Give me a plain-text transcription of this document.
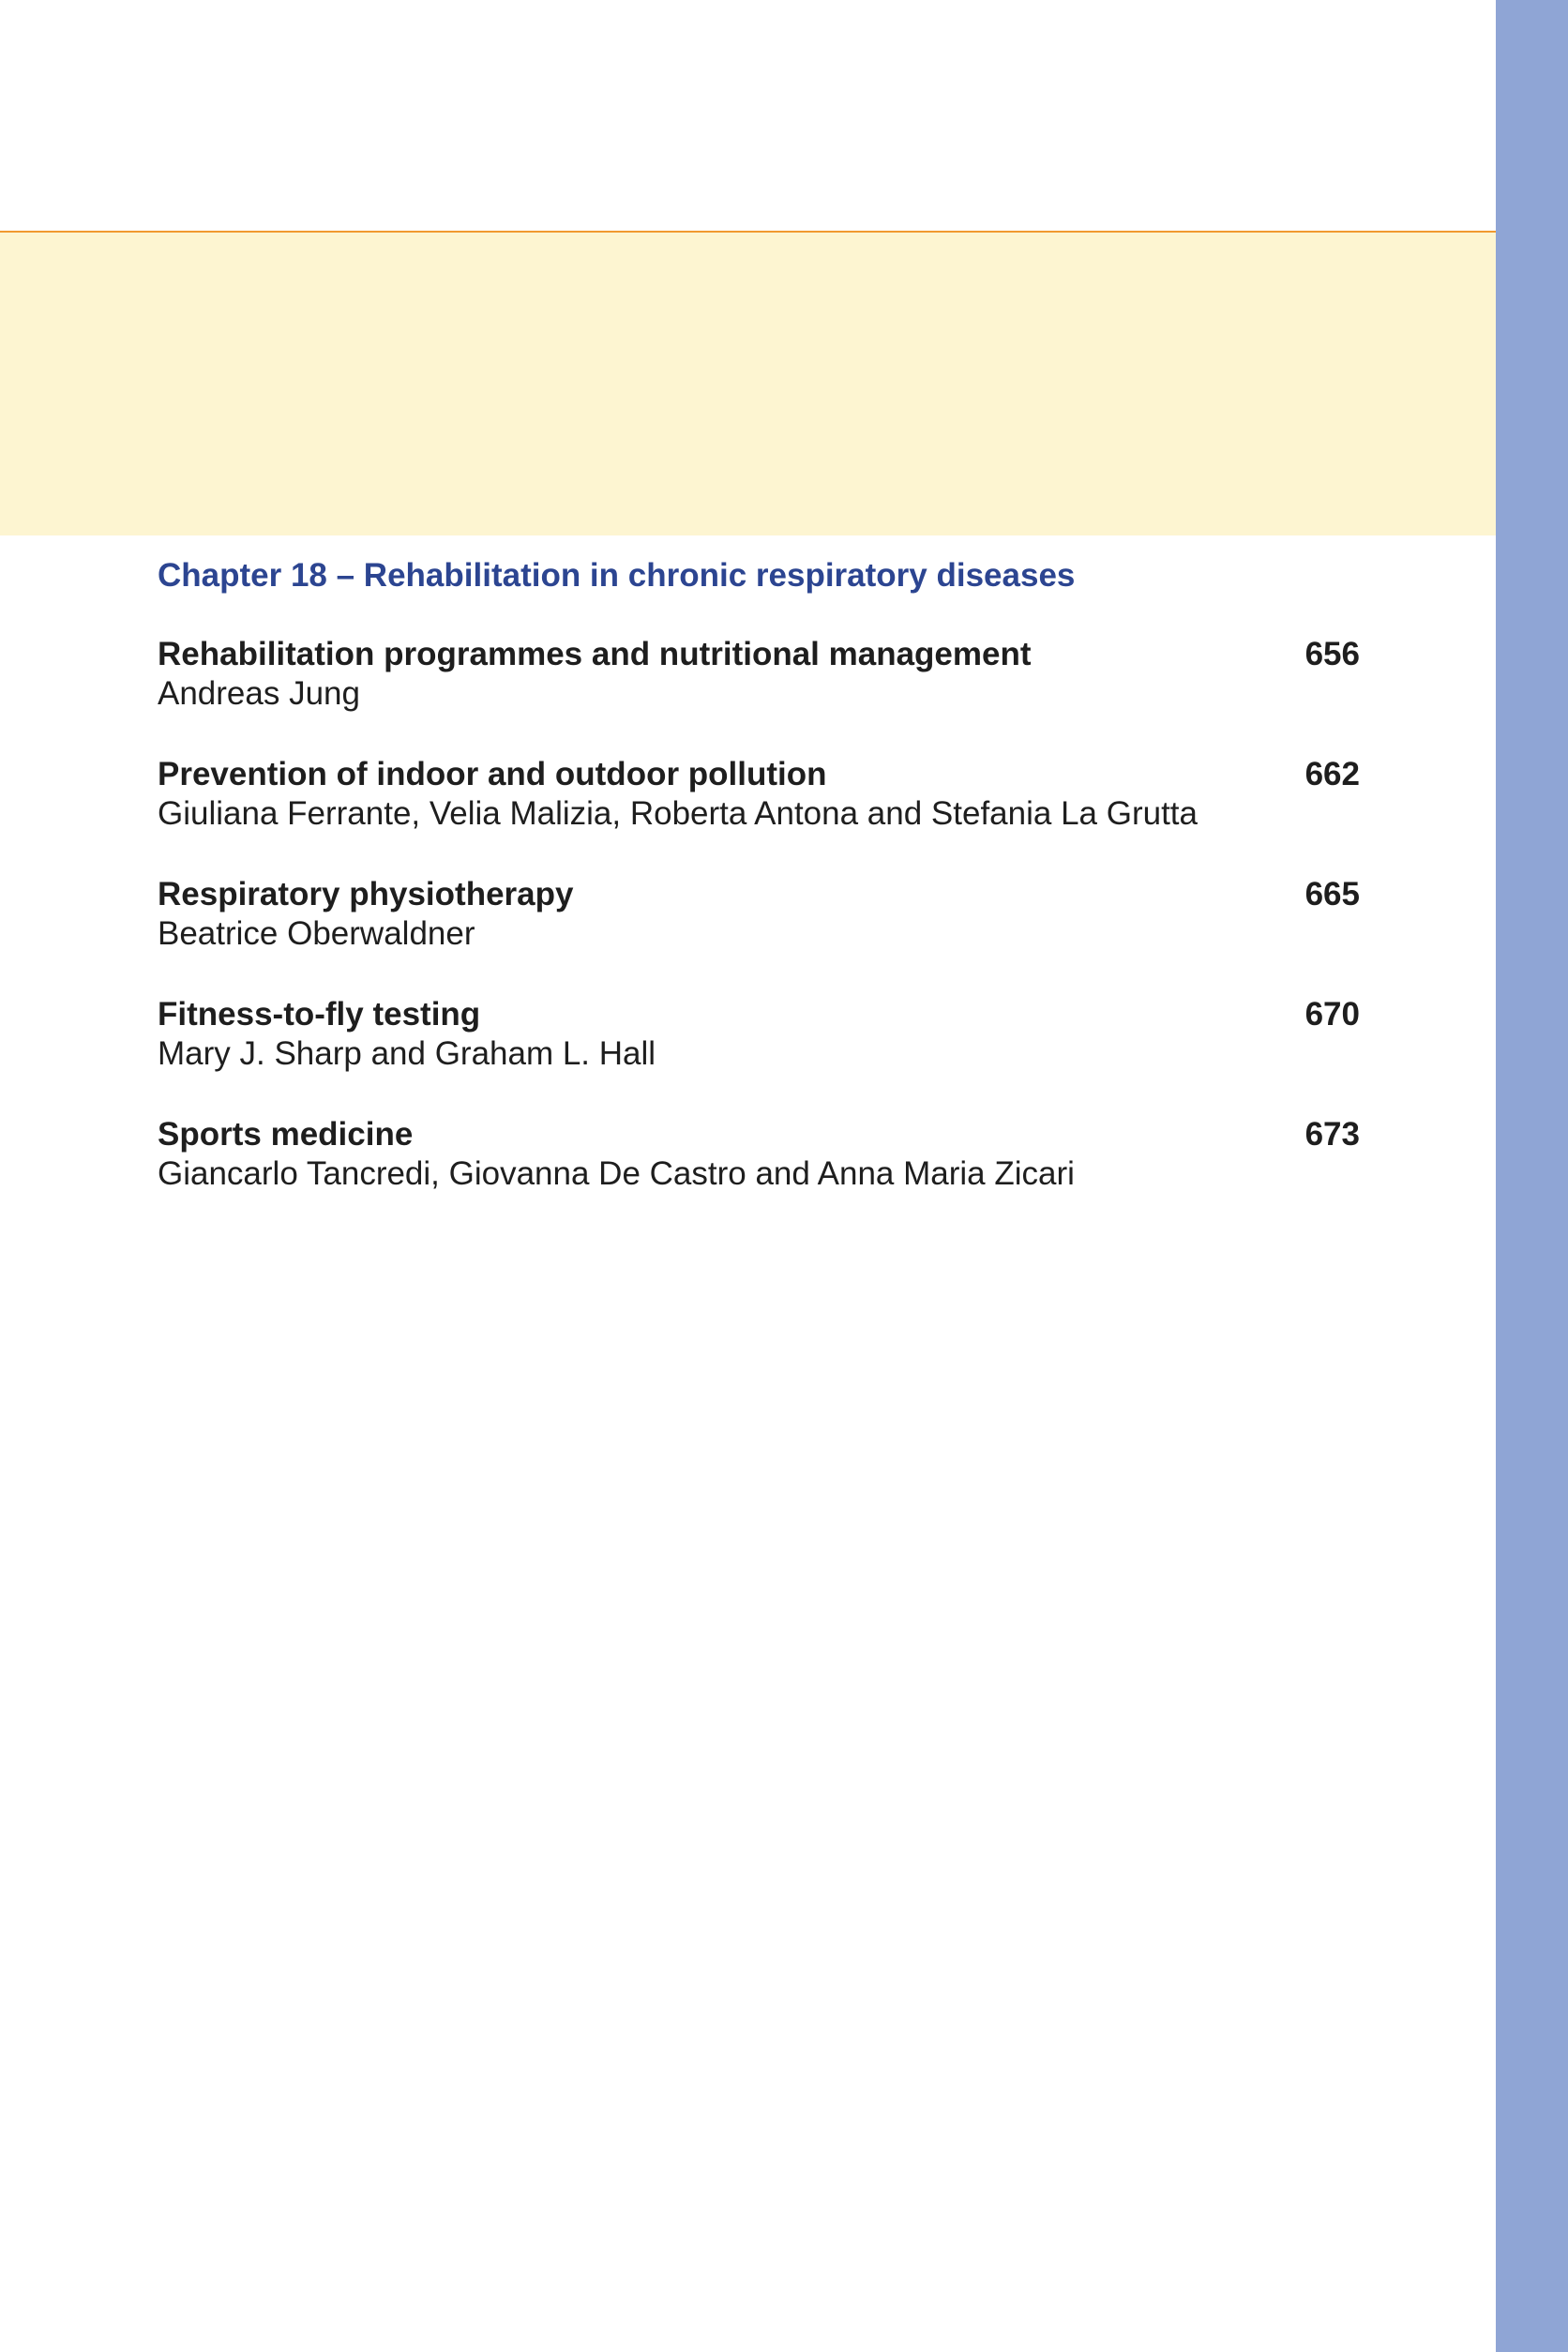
Chapter 18 – Rehabilitation in chronic respiratory diseases
Rehabilitation programmes and nutritional management	656
Andreas Jung
Prevention of indoor and outdoor pollution	662
Giuliana Ferrante, Velia Malizia, Roberta Antona and Stefania La Grutta
Respiratory physiotherapy	665
Beatrice Oberwaldner
Fitness-to-fly testing	670
Mary J. Sharp and Graham L. Hall
Sports medicine	673
Giancarlo Tancredi, Giovanna De Castro and Anna Maria Zicari
